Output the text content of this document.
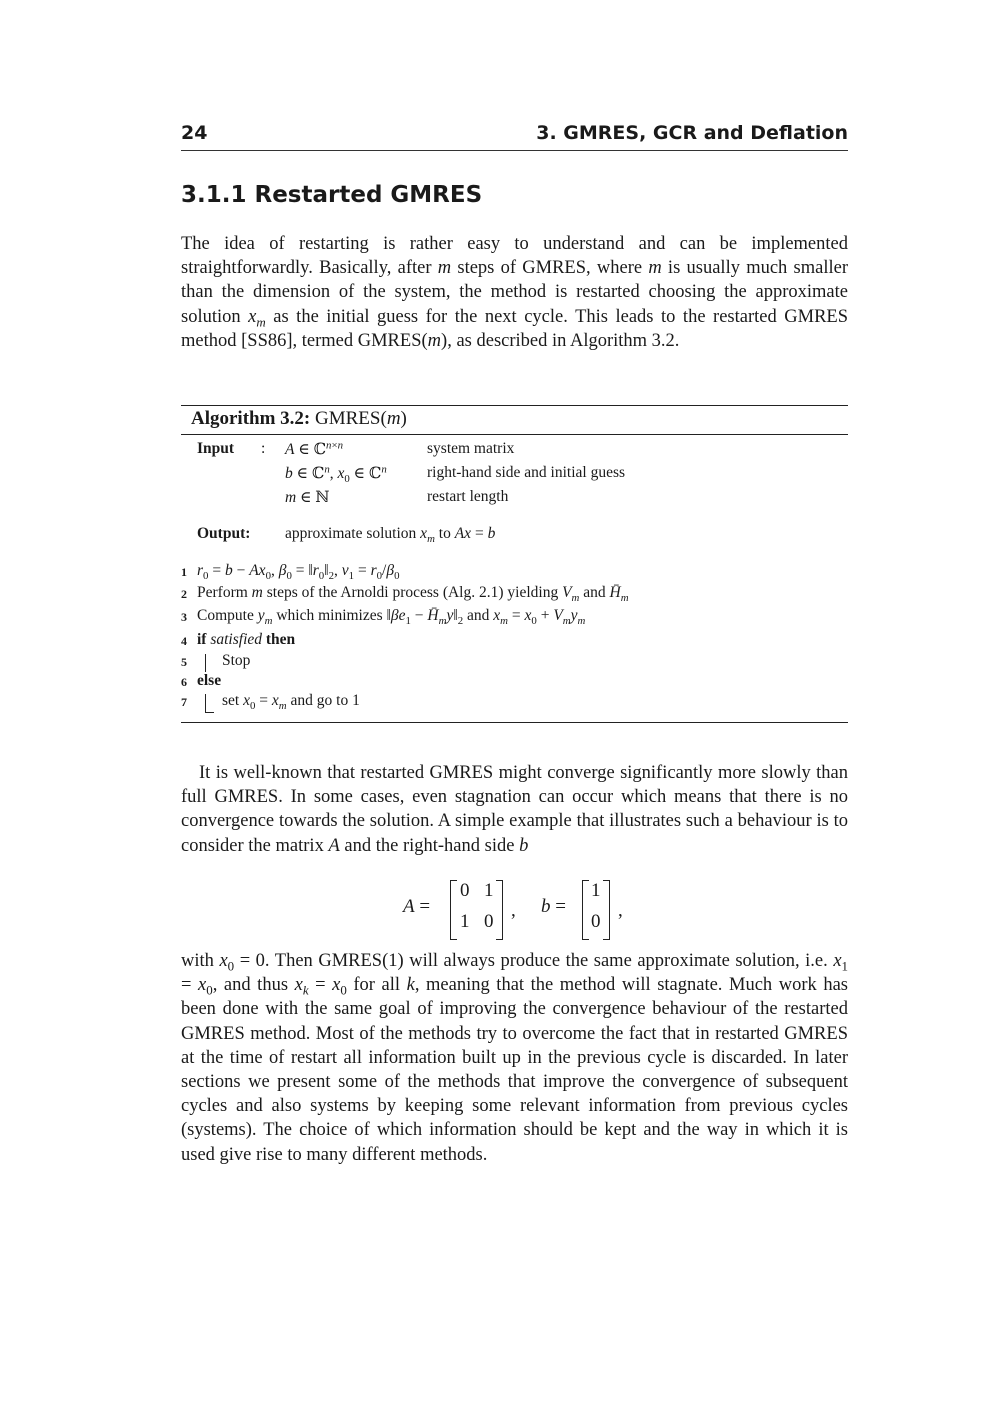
24	3. GMRES, GCR and Deflation
3.1.1 Restarted GMRES

The idea of restarting is rather easy to understand and can be implemented straightforwardly. Basically, after m steps of GMRES, where m is usually much smaller than the dimension of the system, the method is restarted choosing the approximate solution $x_m$ as the initial guess for the next cycle. This leads to the restarted GMRES method [SS86], termed GMRES(m), as described in Algorithm 3.2.

Algorithm 3.2: GMRES(m)
Input : A ∈ ℂ$^{n\times n}$	system matrix
b ∈ ℂ$^n$, $x_0$ ∈ ℂ$^n$	right-hand side and initial guess
m ∈ ℕ	restart length
Output: approximate solution $x_m$ to Ax = b
1 $r_0 = b - Ax_0$, $\beta_0$ = $‖r_0‖_2$, $v_1 = r_0/\beta_0$
2 Perform m steps of the Arnoldi process (Alg. 2.1) yielding $V_m$ and $H̄_m$
3 Compute $y_m$ which minimizes $‖\beta e_1$ − $H̄_my‖_2$ and $x_m = x_0 + V_my_m$
4 if satisfied then
5 Stop
6 else
7 set $x_0 = x_m$ and go to 1

It is well-known that restarted GMRES might converge significantly more slowly than full GMRES. In some cases, even stagnation can occur which means that there is no convergence towards the solution. A simple example that illustrates such a behaviour is to consider the matrix A and the right-hand side b

A =
0 1
1 0
, b =
1
0
,

with $x_0 = 0$. Then GMRES(1) will always produce the same approximate solution, i.e. $x_1 = x_0$, and thus $x_k = x_0$ for all k, meaning that the method will stagnate. Much work has been done with the same goal of improving the convergence behaviour of the restarted GMRES method. Most of the methods try to overcome the fact that in restarted GMRES at the time of restart all information built up in the previous cycle is discarded. In later sections we present some of the methods that improve the convergence of subsequent cycles and also systems by keeping some relevant information from previous cycles (systems). The choice of which information should be kept and the way in which it is used give rise to many different methods.
